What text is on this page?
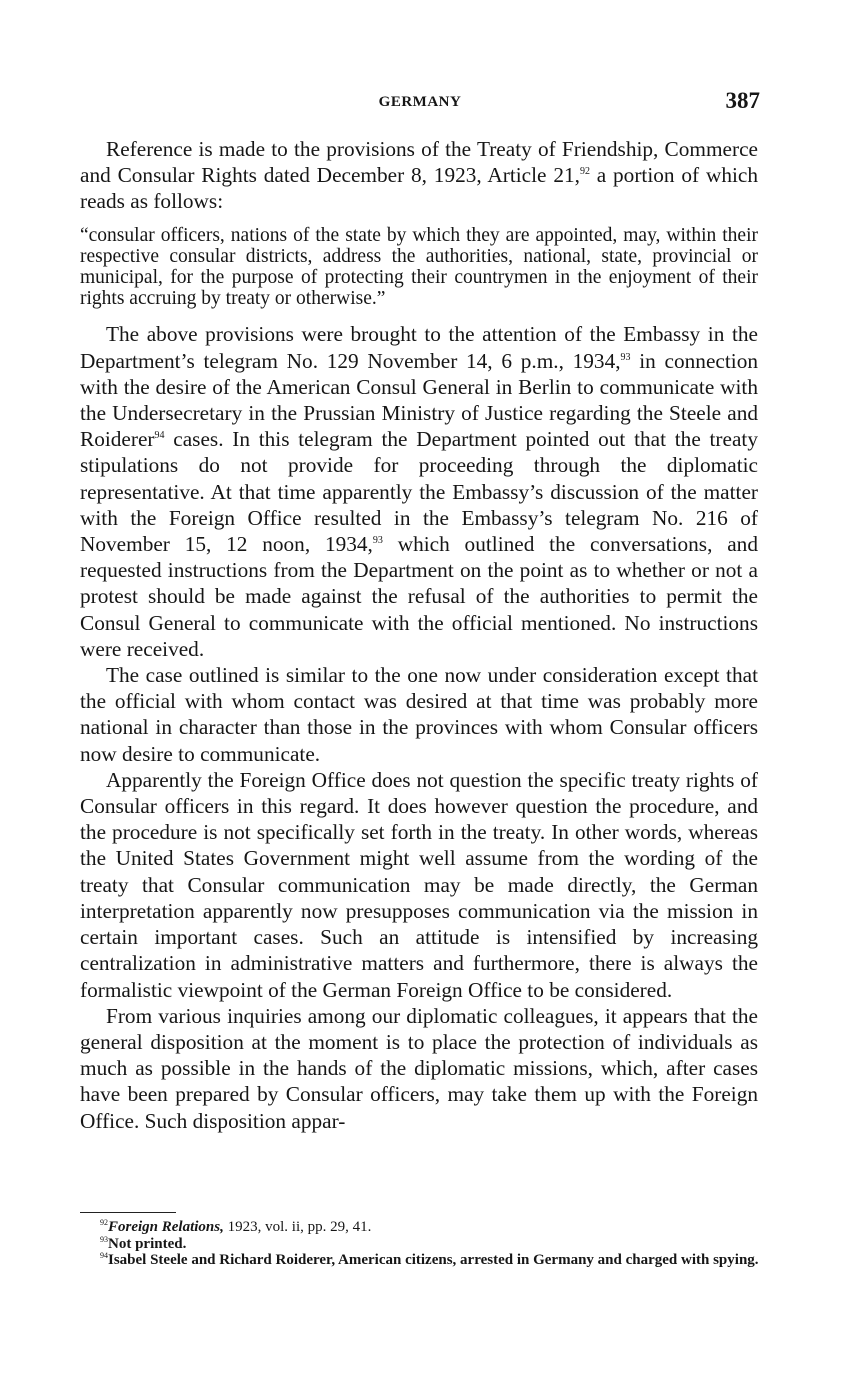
GERMANY	387

Reference is made to the provisions of the Treaty of Friendship, Commerce and Consular Rights dated December 8, 1923, Article 21,92 a portion of which reads as follows:

“consular officers, nations of the state by which they are appointed, may, within their respective consular districts, address the authorities, national, state, provincial or municipal, for the purpose of protecting their countrymen in the enjoyment of their rights accruing by treaty or otherwise.”

The above provisions were brought to the attention of the Embassy in the Department’s telegram No. 129 November 14, 6 p.m., 1934,93 in connection with the desire of the American Consul General in Berlin to communicate with the Undersecretary in the Prussian Ministry of Justice regarding the Steele and Roiderer$^{94}$ cases. In this telegram the Department pointed out that the treaty stipulations do not provide for proceeding through the diplomatic representative. At that time apparently the Embassy’s discussion of the matter with the Foreign Office resulted in the Embassy’s telegram No. 216 of November 15, 12 noon, 1934,93 which outlined the conversations, and requested instructions from the Department on the point as to whether or not a protest should be made against the refusal of the authorities to permit the Consul General to communicate with the official mentioned. No instructions were received.

The case outlined is similar to the one now under consideration except that the official with whom contact was desired at that time was probably more national in character than those in the provinces with whom Consular officers now desire to communicate.

Apparently the Foreign Office does not question the specific treaty rights of Consular officers in this regard. It does however question the procedure, and the procedure is not specifically set forth in the treaty. In other words, whereas the United States Government might well assume from the wording of the treaty that Consular communication may be made directly, the German interpretation apparently now presupposes communication via the mission in certain important cases. Such an attitude is intensified by increasing centralization in administrative matters and furthermore, there is always the formalistic viewpoint of the German Foreign Office to be considered.

From various inquiries among our diplomatic colleagues, it appears that the general disposition at the moment is to place the protection of individuals as much as possible in the hands of the diplomatic missions, which, after cases have been prepared by Consular officers, may take them up with the Foreign Office. Such disposition appar-

$^{92}$Foreign Relations, 1923, vol. ii, pp. 29, 41.
$^{93}$Not printed.
$^{94}$Isabel Steele and Richard Roiderer, American citizens, arrested in Germany and charged with spying.
